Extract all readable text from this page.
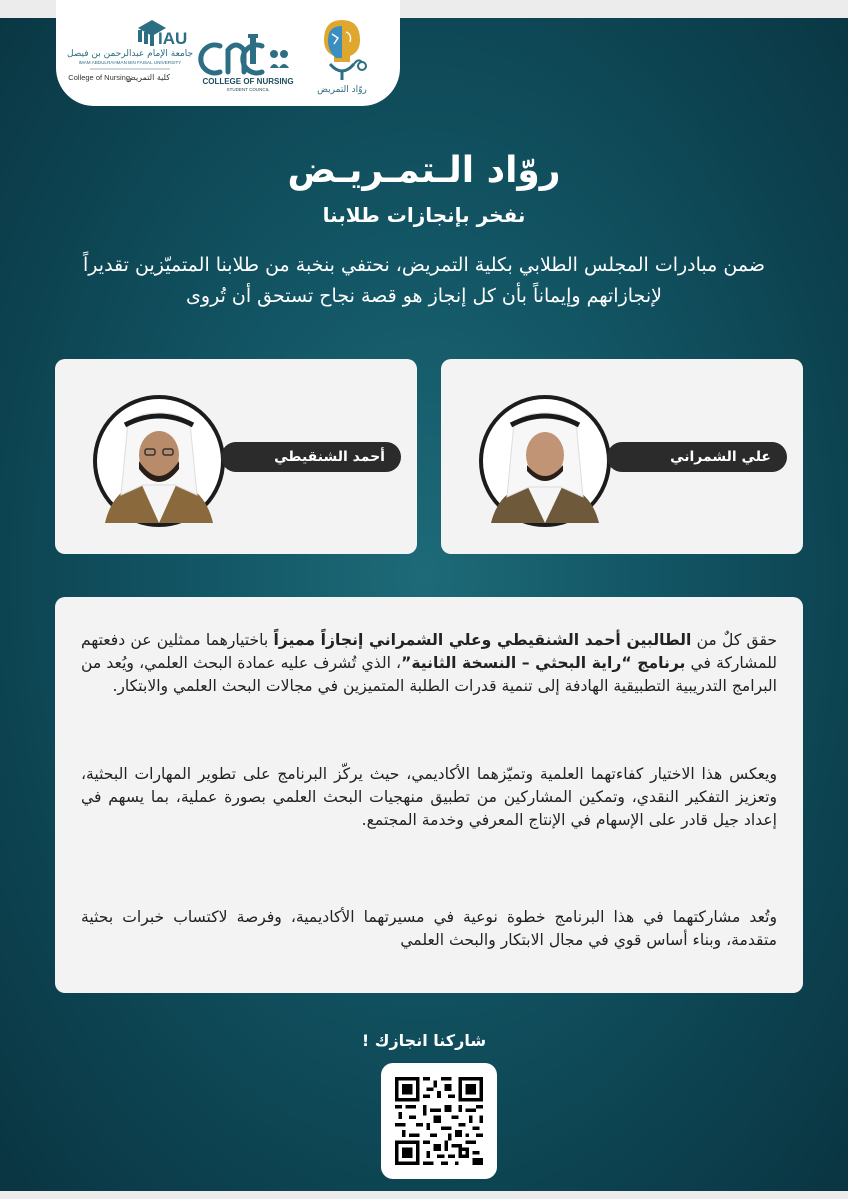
IAU
جامعة الإمام عبدالرحمن بن فيصل
IMAM ABDULRAHMAN BIN FAISAL UNIVERSITY
College of Nursing
كلية التمريض	COLLEGE OF NURSING
STUDENT COUNCIL	روّاد التمريض
روّاد الـتمـريـض
نفخر بإنجازات طلابنا
ضمن مبادرات المجلس الطلابي بكلية التمريض، نحتفي بنخبة من طلابنا المتميّزين تقديراً لإنجازاتهم وإيماناً بأن كل إنجاز هو قصة نجاح تستحق أن تُروى
أحمد الشنقيطي	علي الشمراني
حقق كلٌ من الطالبين أحمد الشنقيطي وعلي الشمراني إنجازاً مميزاً باختيارهما ممثلين عن دفعتهم للمشاركة في برنامج “راية البحثي – النسخة الثانية”، الذي تُشرف عليه عمادة البحث العلمي، ويُعد من البرامج التدريبية التطبيقية الهادفة إلى تنمية قدرات الطلبة المتميزين في مجالات البحث العلمي والابتكار.
ويعكس هذا الاختيار كفاءتهما العلمية وتميّزهما الأكاديمي، حيث يركّز البرنامج على تطوير المهارات البحثية، وتعزيز التفكير النقدي، وتمكين المشاركين من تطبيق منهجيات البحث العلمي بصورة عملية، بما يسهم في إعداد جيل قادر على الإسهام في الإنتاج المعرفي وخدمة المجتمع.
وتُعد مشاركتهما في هذا البرنامج خطوة نوعية في مسيرتهما الأكاديمية، وفرصة لاكتساب خبرات بحثية متقدمة، وبناء أساس قوي في مجال الابتكار والبحث العلمي
شاركنا انجازك !
